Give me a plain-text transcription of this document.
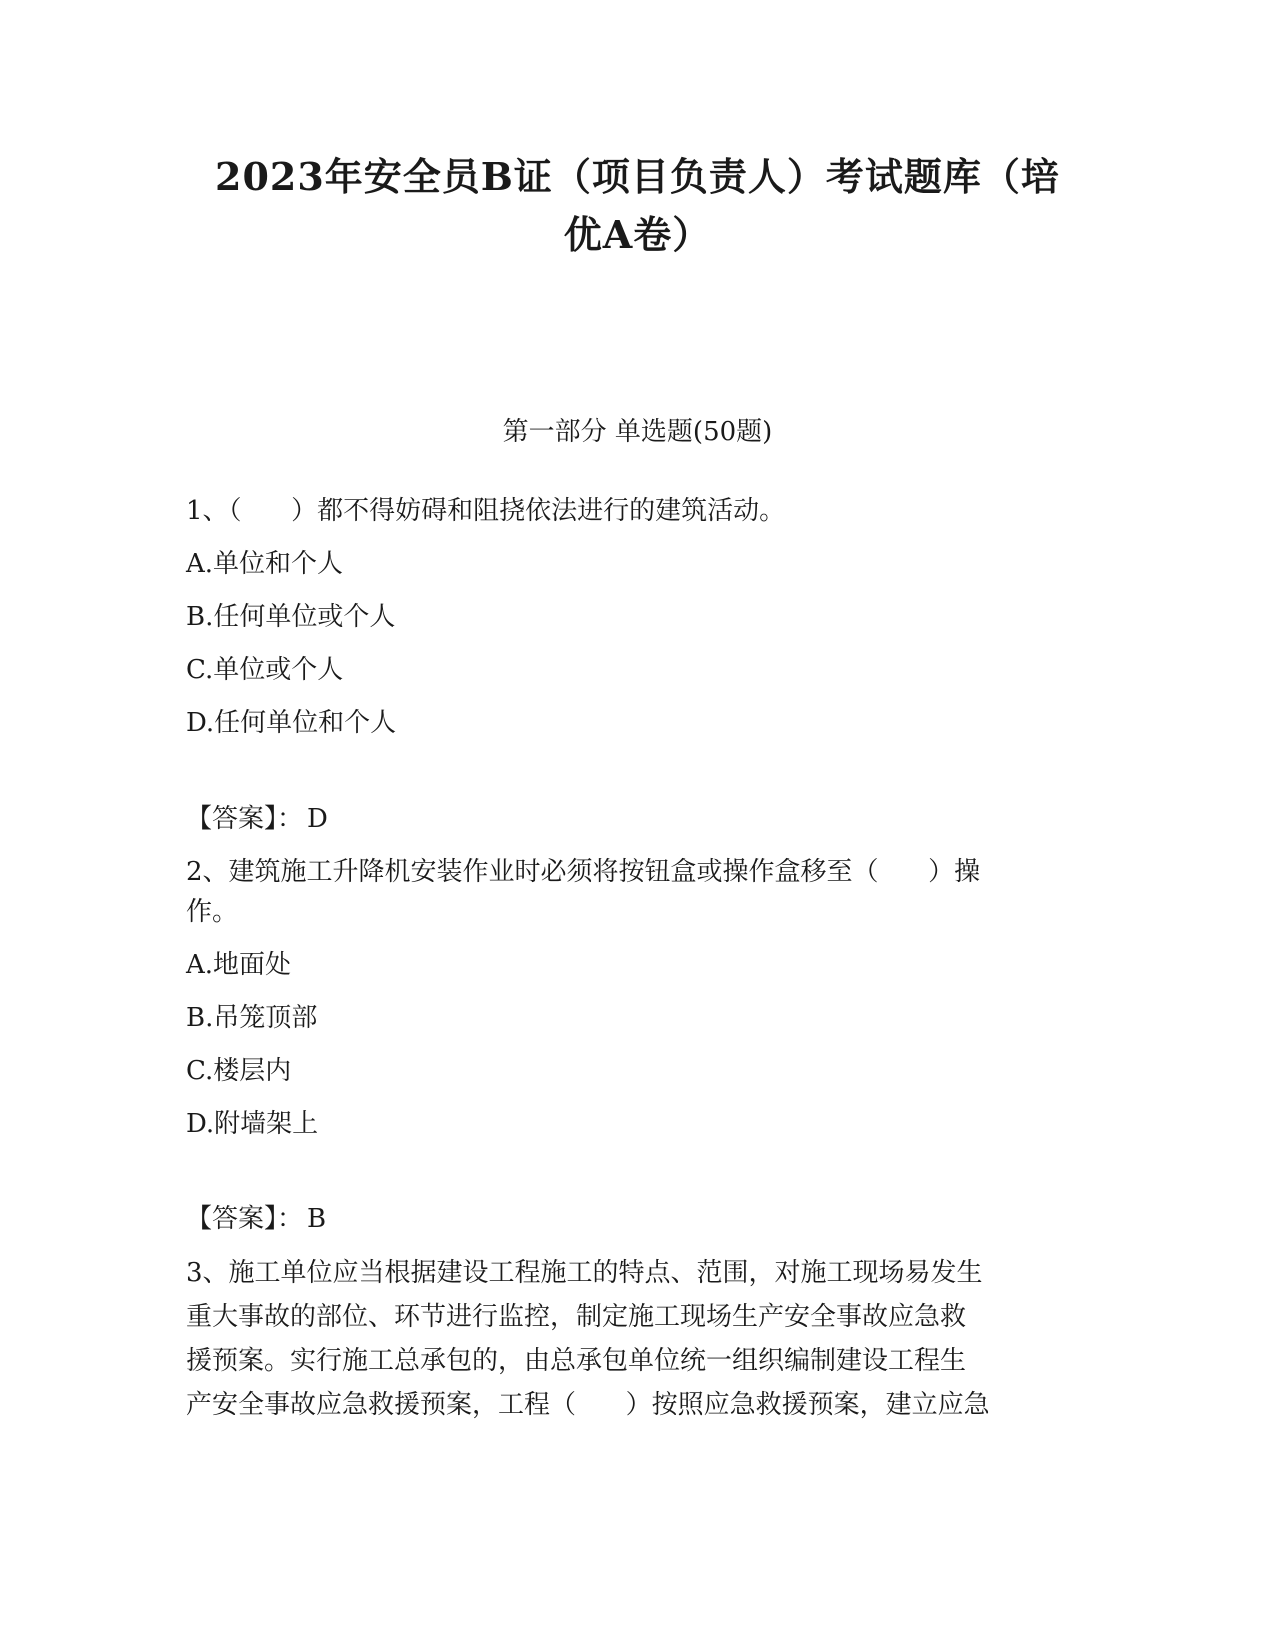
2023年安全员B证（项目负责人）考试题库（培
优A卷）
第一部分 单选题(50题)
1、（      ）都不得妨碍和阻挠依法进行的建筑活动。
A.单位和个人
B.任何单位或个人
C.单位或个人
D.任何单位和个人
【答案】： D
2、建筑施工升降机安装作业时必须将按钮盒或操作盒移至（      ）操
作。
A.地面处
B.吊笼顶部
C.楼层内
D.附墙架上
【答案】： B
3、施工单位应当根据建设工程施工的特点、范围，对施工现场易发生
重大事故的部位、环节进行监控，制定施工现场生产安全事故应急救
援预案。实行施工总承包的，由总承包单位统一组织编制建设工程生
产安全事故应急救援预案，工程（      ）按照应急救援预案，建立应急
